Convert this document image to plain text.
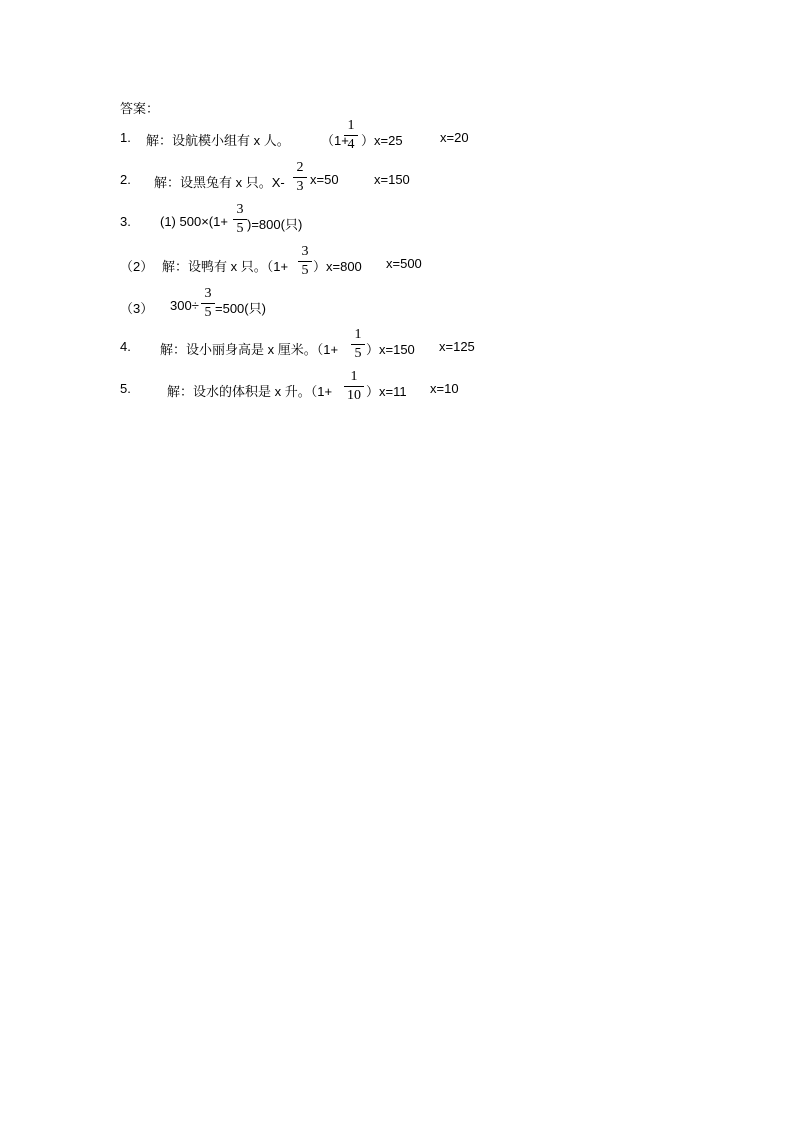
答案：
1. 解：设航模小组有 x 人。 （1+
1
4 ）x=25	x=20
2. 解：设黑兔有 x 只。X-
2
3 x=50	x=150
3. (1) 500×(1+
3
5 )=800(只)
（2） 解：设鸭有 x 只。（1+
3
5 ）x=800 x=500
（3） 300÷
3
5 =500(只)
4. 解：设小丽身高是 x 厘米。（1+
1
5 ）x=150 x=125
5.	解：设水的体积是 x 升。（1+
1
10 ）x=11 x=10
